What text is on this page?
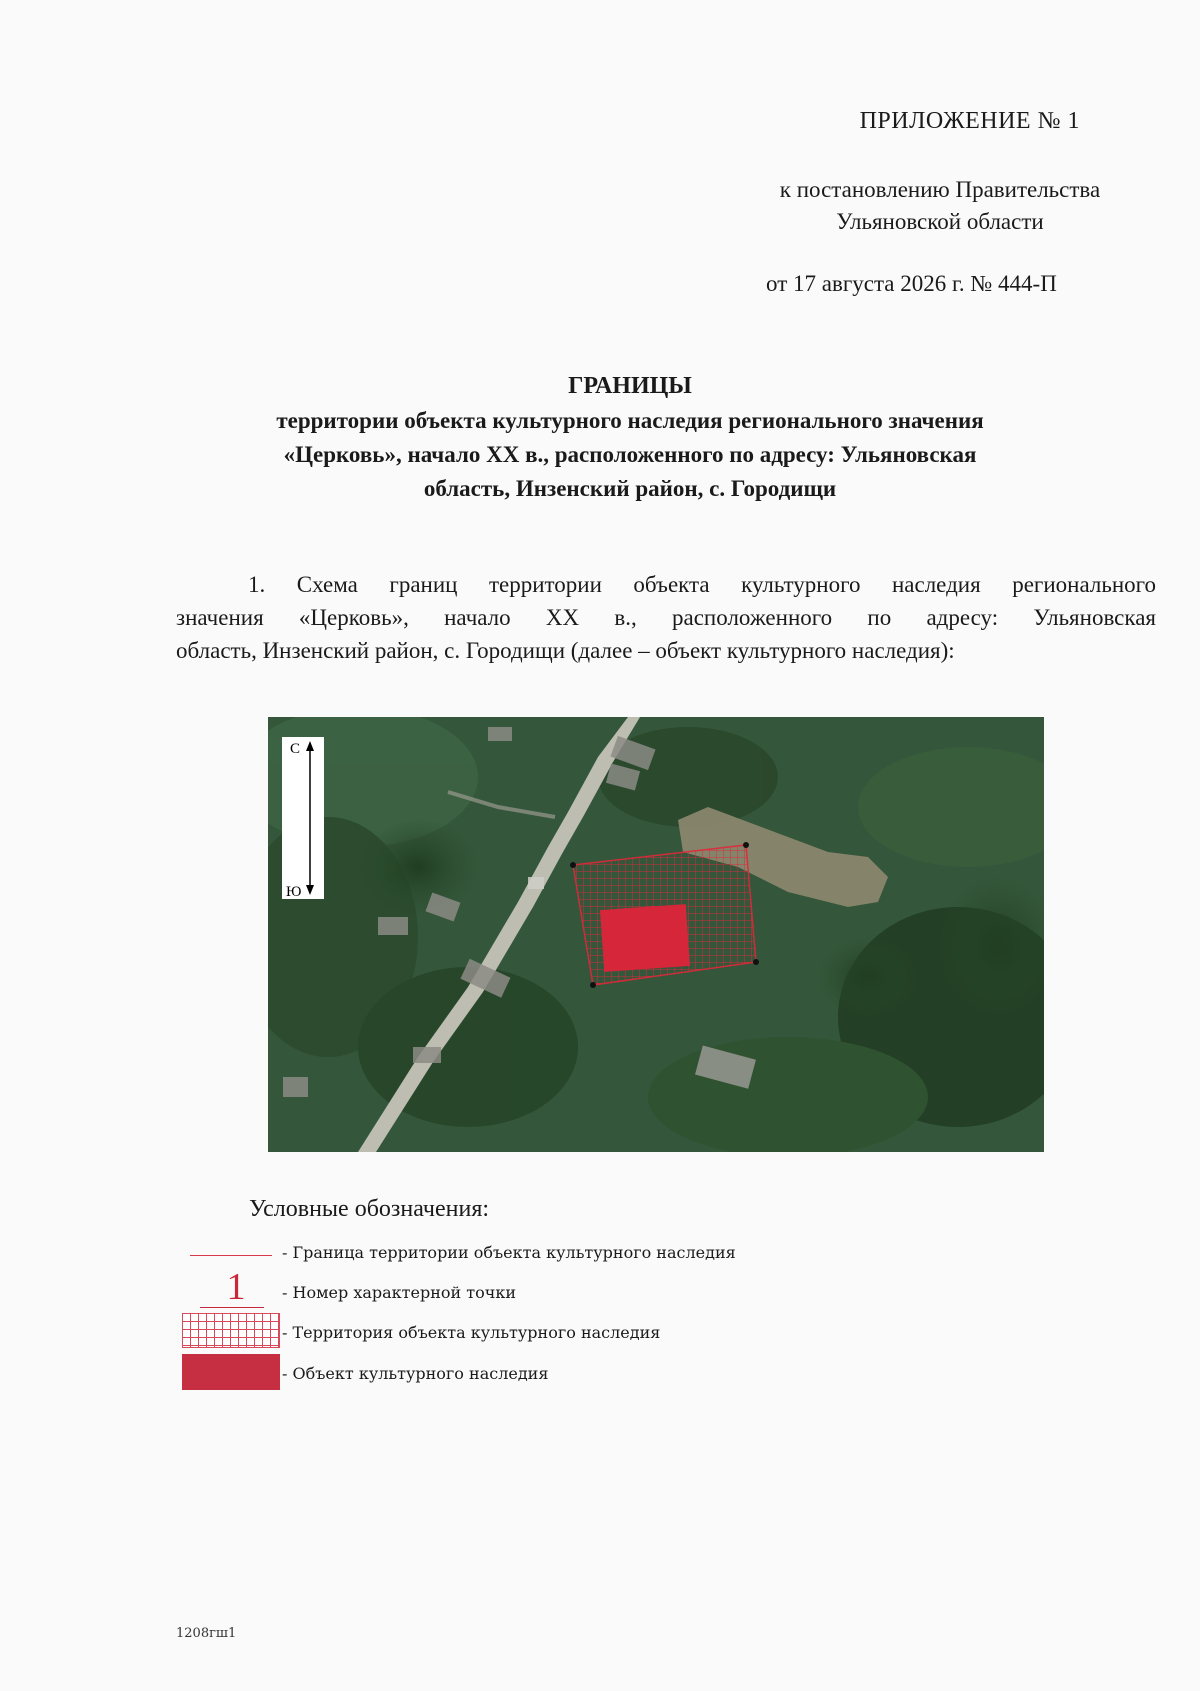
ПРИЛОЖЕНИЕ № 1
к постановлению Правительства
Ульяновской области
от 17 августа 2026 г. № 444-П
ГРАНИЦЫ
территории объекта культурного наследия регионального значения
«Церковь», начало XX в., расположенного по адресу: Ульяновская
область, Инзенский район, с. Городищи
1. Схема границ территории объекта культурного наследия регионального
значения «Церковь», начало XX в., расположенного по адресу: Ульяновская
область, Инзенский район, с. Городищи (далее – объект культурного наследия):
С
Ю
Условные обозначения:
- Граница территории объекта культурного наследия
1	- Номер характерной точки
- Территория объекта культурного наследия
- Объект культурного наследия
1208гш1
